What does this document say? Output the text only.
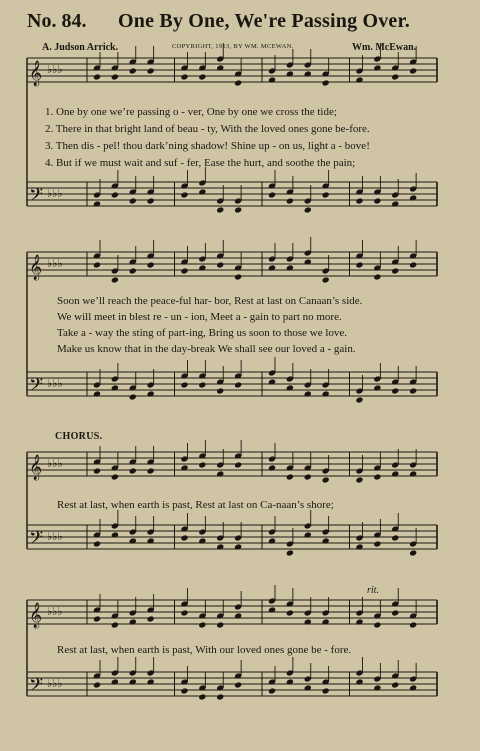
No. 84. One By One, We're Passing Over.
A. Judson Arrick.	COPYRIGHT, 1913, BY WM. MCEWAN.	Wm. McEwan.
𝄞 ♭♭♭
𝄢 ♭♭♭
𝄞 ♭♭♭
𝄢 ♭♭♭
𝄞 ♭♭♭
𝄢 ♭♭♭
𝄞 ♭♭♭
𝄢 ♭♭♭
1. One by one we’re passing o - ver, One by one we cross the tide;
2. There in that bright land of beau - ty, With the loved ones gone be-fore.
3. Then dis - pel! thou dark’ning shadow! Shine up - on us, light a - bove!
4. But if we must wait and suf - fer, Ease the hurt, and soothe the pain;
Soon we’ll reach the peace-ful har- bor, Rest at last on Canaan’s side.
We will meet in blest re - un - ion, Meet a - gain to part no more.
Take a - way the sting of part-ing, Bring us soon to those we love.
Make us know that in the day-break We shall see our loved a - gain.
CHORUS.
Rest at last, when earth is past, Rest at last on Ca-naan’s shore;
rit.
Rest at last, when earth is past, With our loved ones gone be - fore.
